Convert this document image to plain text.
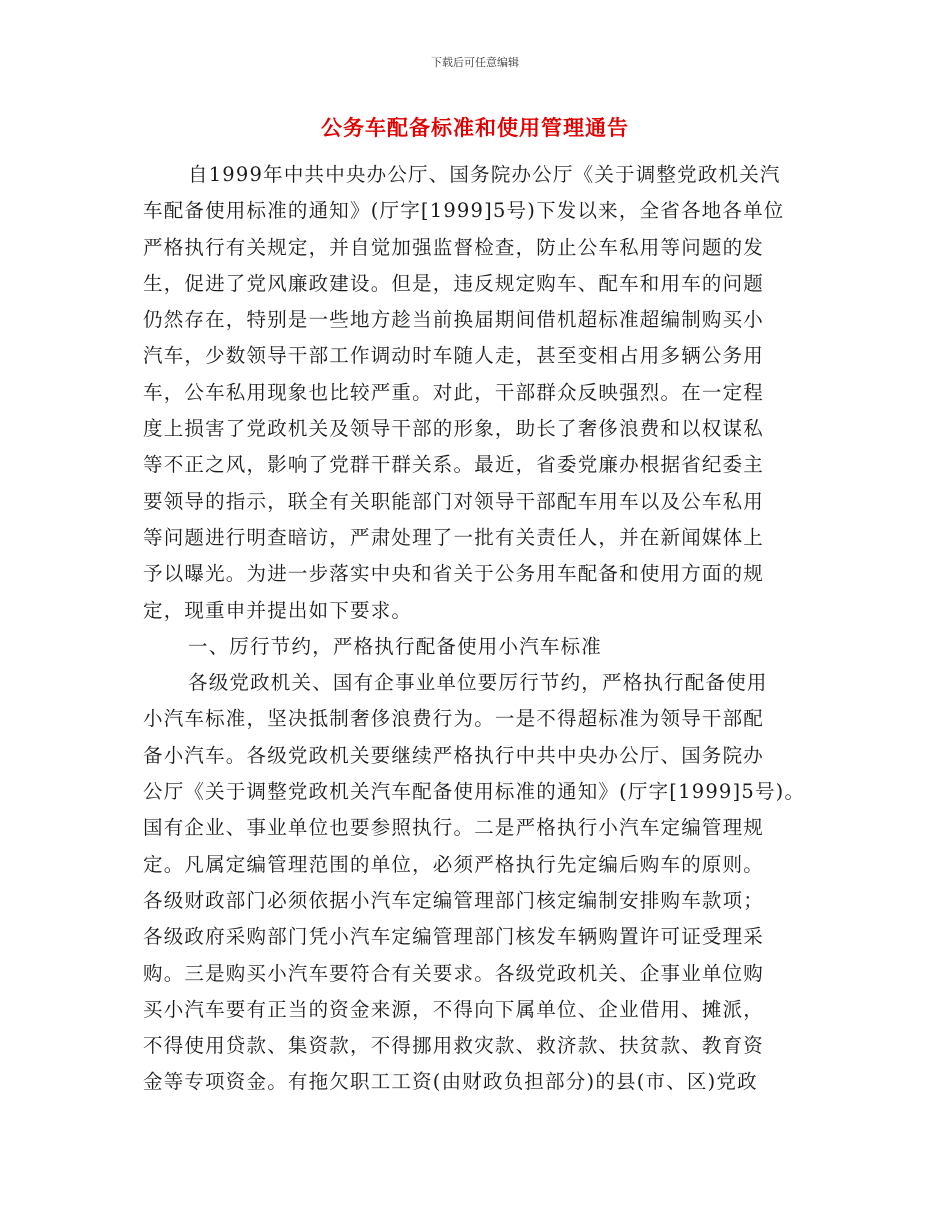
下载后可任意编辑
公务车配备标准和使用管理通告
自1999年中共中央办公厅、国务院办公厅《关于调整党政机关汽
车配备使用标准的通知》(厅字[1999]5号)下发以来，全省各地各单位
严格执行有关规定，并自觉加强监督检查，防止公车私用等问题的发
生，促进了党风廉政建设。但是，违反规定购车、配车和用车的问题
仍然存在，特别是一些地方趁当前换届期间借机超标准超编制购买小
汽车，少数领导干部工作调动时车随人走，甚至变相占用多辆公务用
车，公车私用现象也比较严重。对此，干部群众反映强烈。在一定程
度上损害了党政机关及领导干部的形象，助长了奢侈浪费和以权谋私
等不正之风，影响了党群干群关系。最近，省委党廉办根据省纪委主
要领导的指示，联全有关职能部门对领导干部配车用车以及公车私用
等问题进行明查暗访，严肃处理了一批有关责任人，并在新闻媒体上
予以曝光。为进一步落实中央和省关于公务用车配备和使用方面的规
定，现重申并提出如下要求。
一、厉行节约，严格执行配备使用小汽车标准
各级党政机关、国有企事业单位要厉行节约，严格执行配备使用
小汽车标准，坚决抵制奢侈浪费行为。一是不得超标准为领导干部配
备小汽车。各级党政机关要继续严格执行中共中央办公厅、国务院办
公厅《关于调整党政机关汽车配备使用标准的通知》(厅字[1999]5号)。
国有企业、事业单位也要参照执行。二是严格执行小汽车定编管理规
定。凡属定编管理范围的单位，必须严格执行先定编后购车的原则。
各级财政部门必须依据小汽车定编管理部门核定编制安排购车款项；
各级政府采购部门凭小汽车定编管理部门核发车辆购置许可证受理采
购。三是购买小汽车要符合有关要求。各级党政机关、企事业单位购
买小汽车要有正当的资金来源，不得向下属单位、企业借用、摊派，
不得使用贷款、集资款，不得挪用救灾款、救济款、扶贫款、教育资
金等专项资金。有拖欠职工工资(由财政负担部分)的县(市、区)党政
